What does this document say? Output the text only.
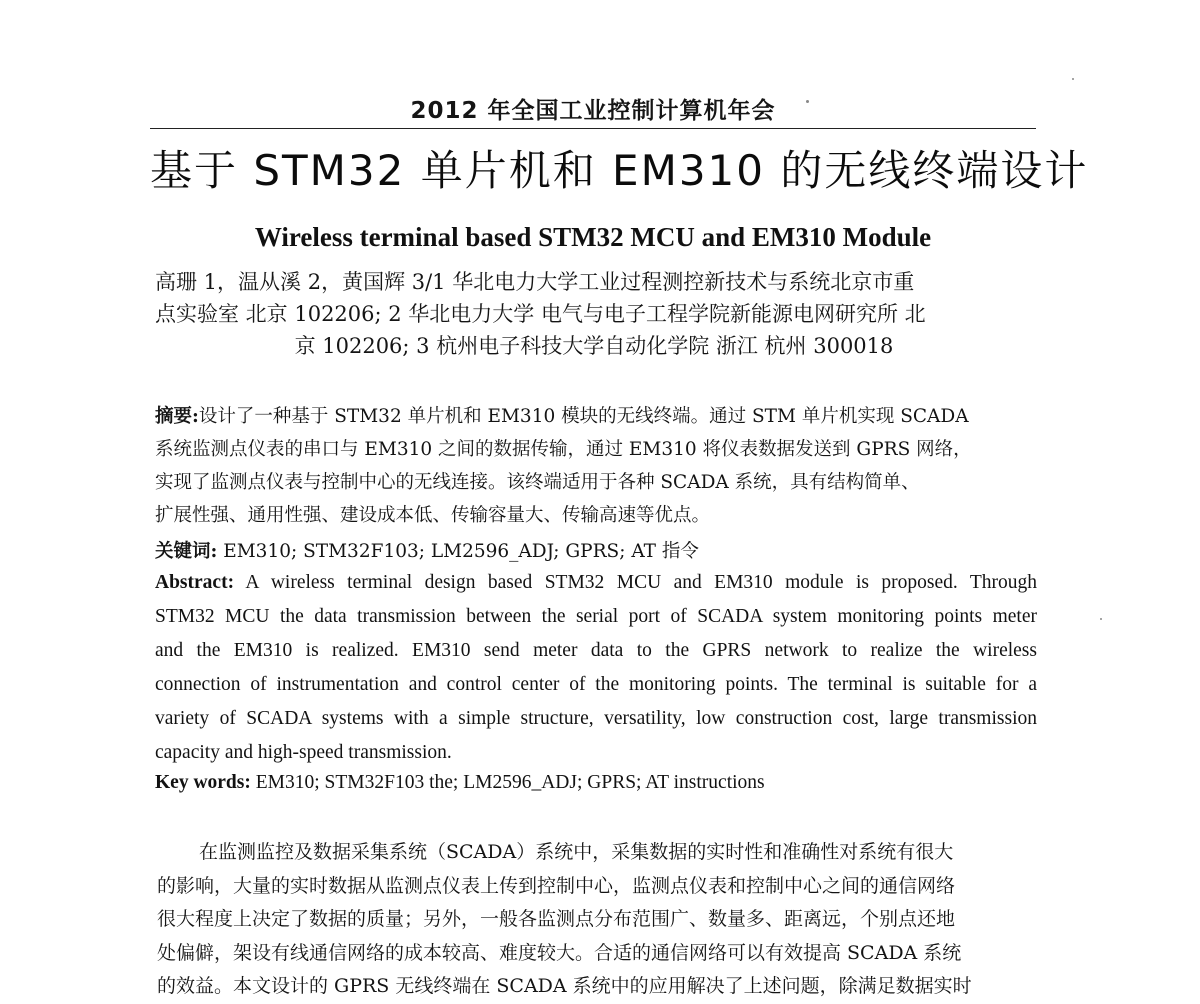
2012 年全国工业控制计算机年会
基于 STM32 单片机和 EM310 的无线终端设计
Wireless terminal based STM32 MCU and EM310 Module
高珊 1，温从溪 2，黄国辉 3/1 华北电力大学工业过程测控新技术与系统北京市重
点实验室 北京 102206; 2 华北电力大学 电气与电子工程学院新能源电网研究所 北
京 102206; 3 杭州电子科技大学自动化学院 浙江 杭州 300018
摘要:设计了一种基于 STM32 单片机和 EM310 模块的无线终端。通过 STM 单片机实现 SCADA
系统监测点仪表的串口与 EM310 之间的数据传输，通过 EM310 将仪表数据发送到 GPRS 网络，
实现了监测点仪表与控制中心的无线连接。该终端适用于各种 SCADA 系统，具有结构简单、
扩展性强、通用性强、建设成本低、传输容量大、传输高速等优点。
关键词: EM310; STM32F103; LM2596_ADJ; GPRS; AT 指令
Abstract: A wireless terminal design based STM32 MCU and EM310 module is proposed. Through
STM32 MCU the data transmission between the serial port of SCADA system monitoring points meter
and the EM310 is realized. EM310 send meter data to the GPRS network to realize the wireless
connection of instrumentation and control center of the monitoring points. The terminal is suitable for a
variety of SCADA systems with a simple structure, versatility, low construction cost, large transmission
capacity and high-speed transmission.
Key words: EM310; STM32F103 the; LM2596_ADJ; GPRS; AT instructions
在监测监控及数据采集系统（SCADA）系统中，采集数据的实时性和准确性对系统有很大
的影响，大量的实时数据从监测点仪表上传到控制中心，监测点仪表和控制中心之间的通信网络
很大程度上决定了数据的质量；另外，一般各监测点分布范围广、数量多、距离远，个别点还地
处偏僻，架设有线通信网络的成本较高、难度较大。合适的通信网络可以有效提高 SCADA 系统
的效益。本文设计的 GPRS 无线终端在 SCADA 系统中的应用解决了上述问题，除满足数据实时
